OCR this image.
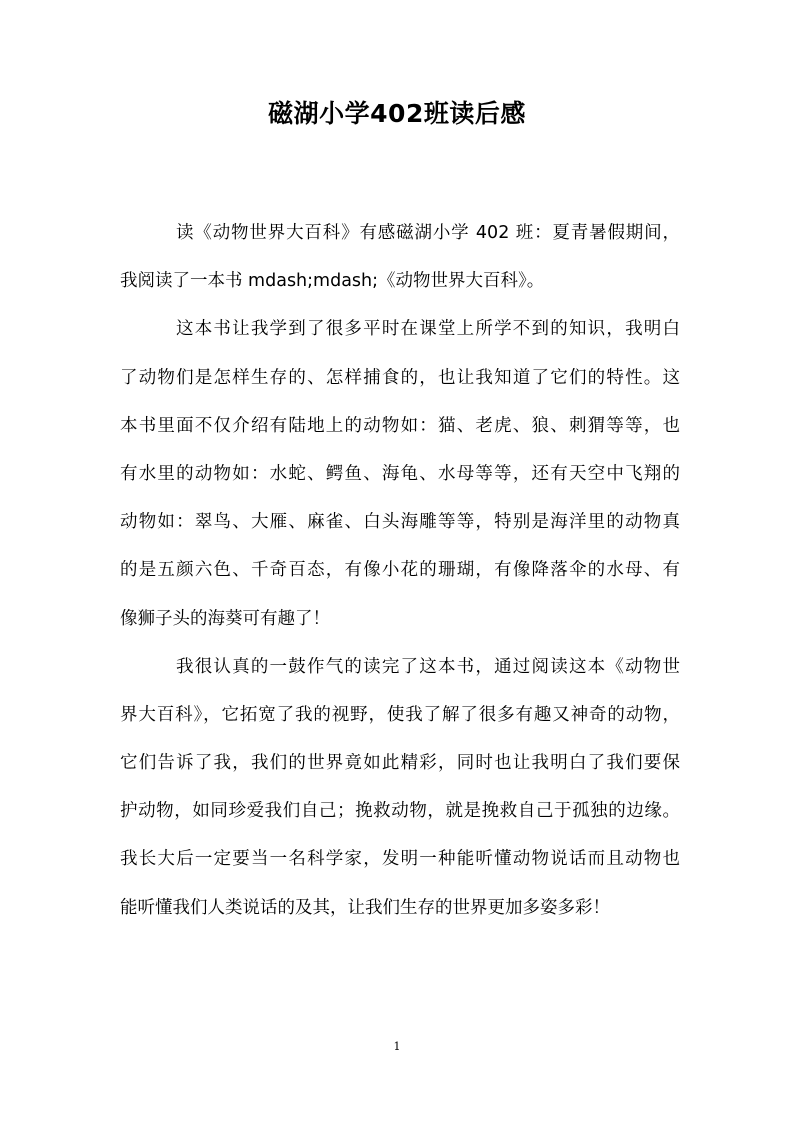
磁湖小学402班读后感
读《动物世界大百科》有感磁湖小学 402 班：夏青暑假期间，
我阅读了一本书 mdash;mdash;《动物世界大百科》。
这本书让我学到了很多平时在课堂上所学不到的知识，我明白
了动物们是怎样生存的、怎样捕食的，也让我知道了它们的特性。这
本书里面不仅介绍有陆地上的动物如：猫、老虎、狼、刺猬等等，也
有水里的动物如：水蛇、鳄鱼、海龟、水母等等，还有天空中飞翔的
动物如：翠鸟、大雁、麻雀、白头海雕等等，特别是海洋里的动物真
的是五颜六色、千奇百态，有像小花的珊瑚，有像降落伞的水母、有
像狮子头的海葵可有趣了！
我很认真的一鼓作气的读完了这本书，通过阅读这本《动物世
界大百科》，它拓宽了我的视野，使我了解了很多有趣又神奇的动物，
它们告诉了我，我们的世界竟如此精彩，同时也让我明白了我们要保
护动物，如同珍爱我们自己；挽救动物，就是挽救自己于孤独的边缘。
我长大后一定要当一名科学家，发明一种能听懂动物说话而且动物也
能听懂我们人类说话的及其，让我们生存的世界更加多姿多彩！
1
